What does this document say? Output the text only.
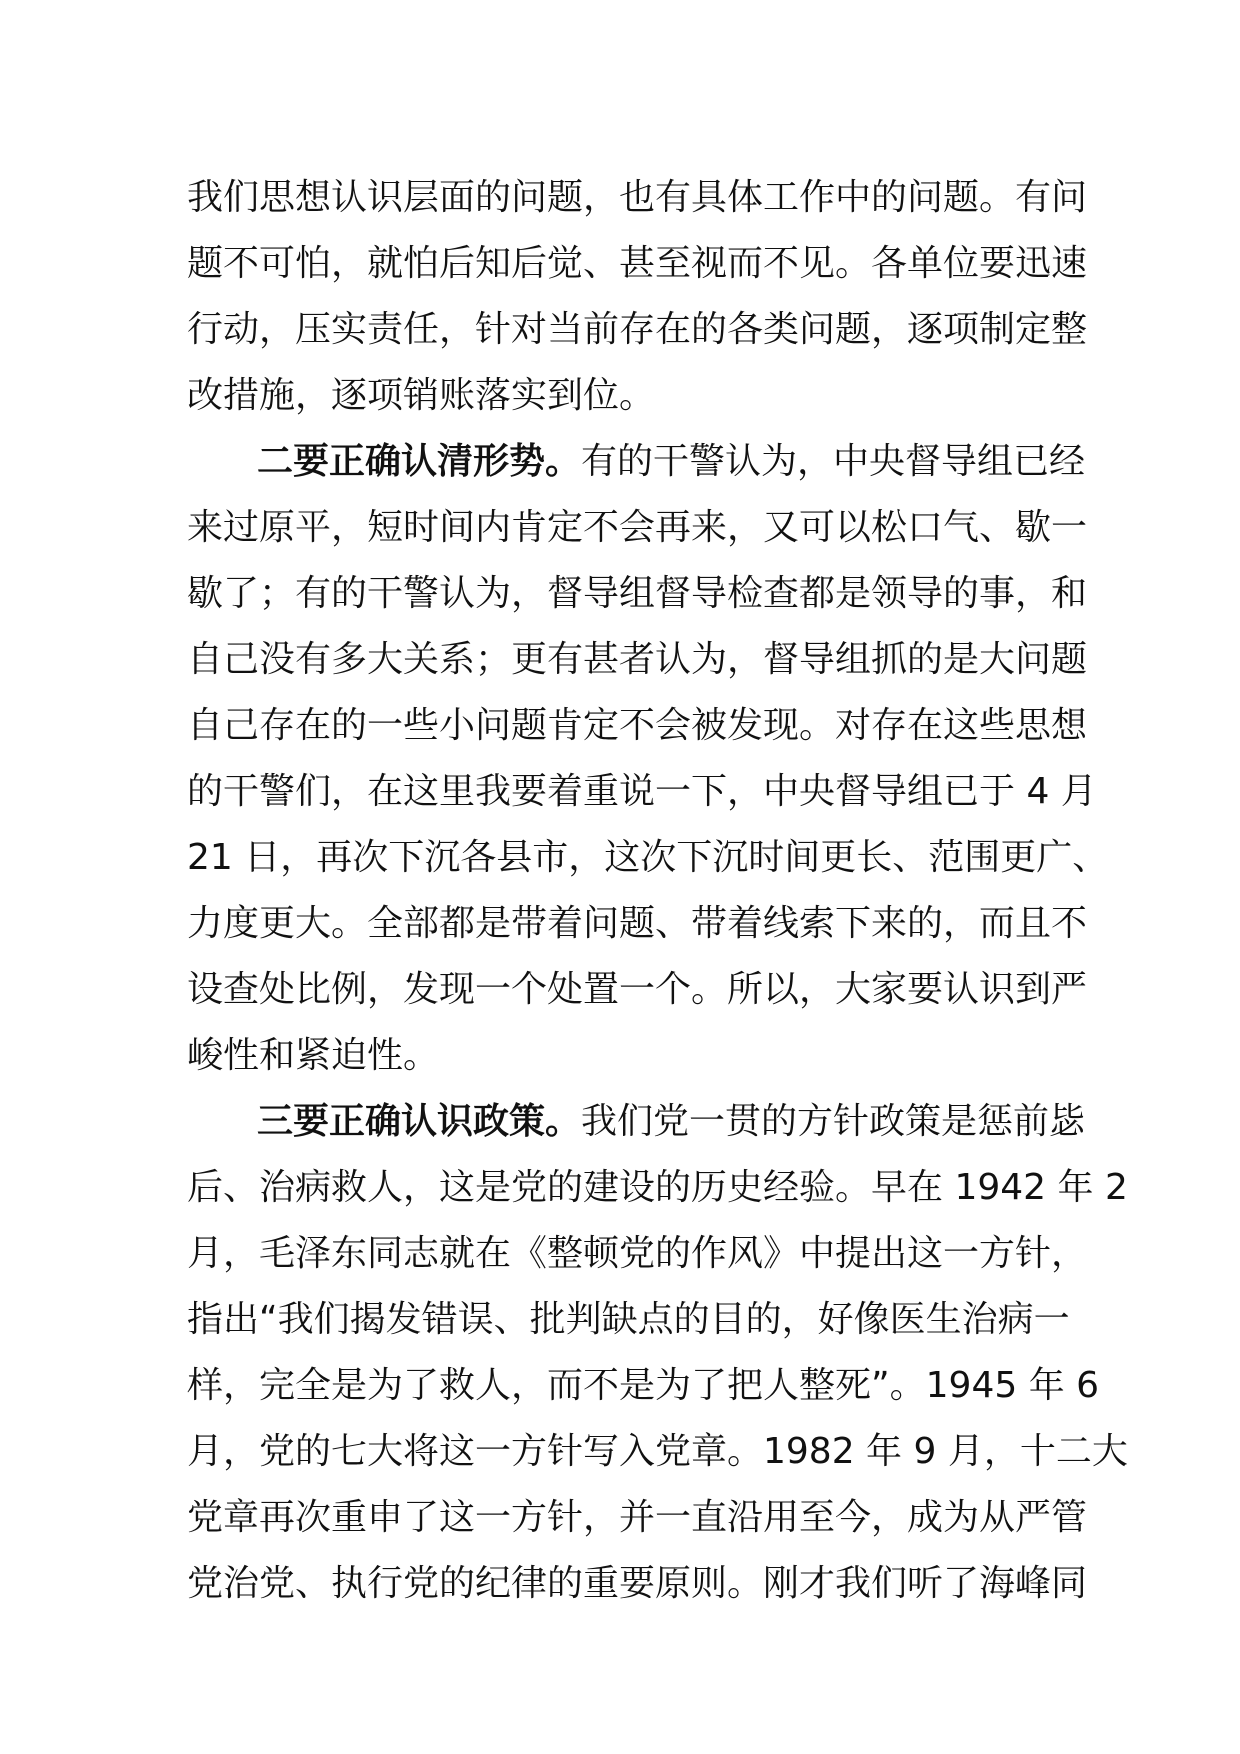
我们思想认识层面的问题，也有具体工作中的问题。有问
题不可怕，就怕后知后觉、甚至视而不见。各单位要迅速
行动，压实责任，针对当前存在的各类问题，逐项制定整
改措施，逐项销账落实到位。
二要正确认清形势。有的干警认为，中央督导组已经
来过原平，短时间内肯定不会再来，又可以松口气、歇一
歇了；有的干警认为，督导组督导检查都是领导的事，和
自己没有多大关系；更有甚者认为，督导组抓的是大问题
自己存在的一些小问题肯定不会被发现。对存在这些思想
的干警们，在这里我要着重说一下，中央督导组已于 4 月
21 日，再次下沉各县市，这次下沉时间更长、范围更广、
力度更大。全部都是带着问题、带着线索下来的，而且不
设查处比例，发现一个处置一个。所以，大家要认识到严
峻性和紧迫性。
三要正确认识政策。我们党一贯的方针政策是惩前毖
后、治病救人，这是党的建设的历史经验。早在 1942 年 2
月，毛泽东同志就在《整顿党的作风》中提出这一方针，
指出“我们揭发错误、批判缺点的目的，好像医生治病一
样，完全是为了救人，而不是为了把人整死”。1945 年 6
月，党的七大将这一方针写入党章。1982 年 9 月，十二大
党章再次重申了这一方针，并一直沿用至今，成为从严管
党治党、执行党的纪律的重要原则。刚才我们听了海峰同
